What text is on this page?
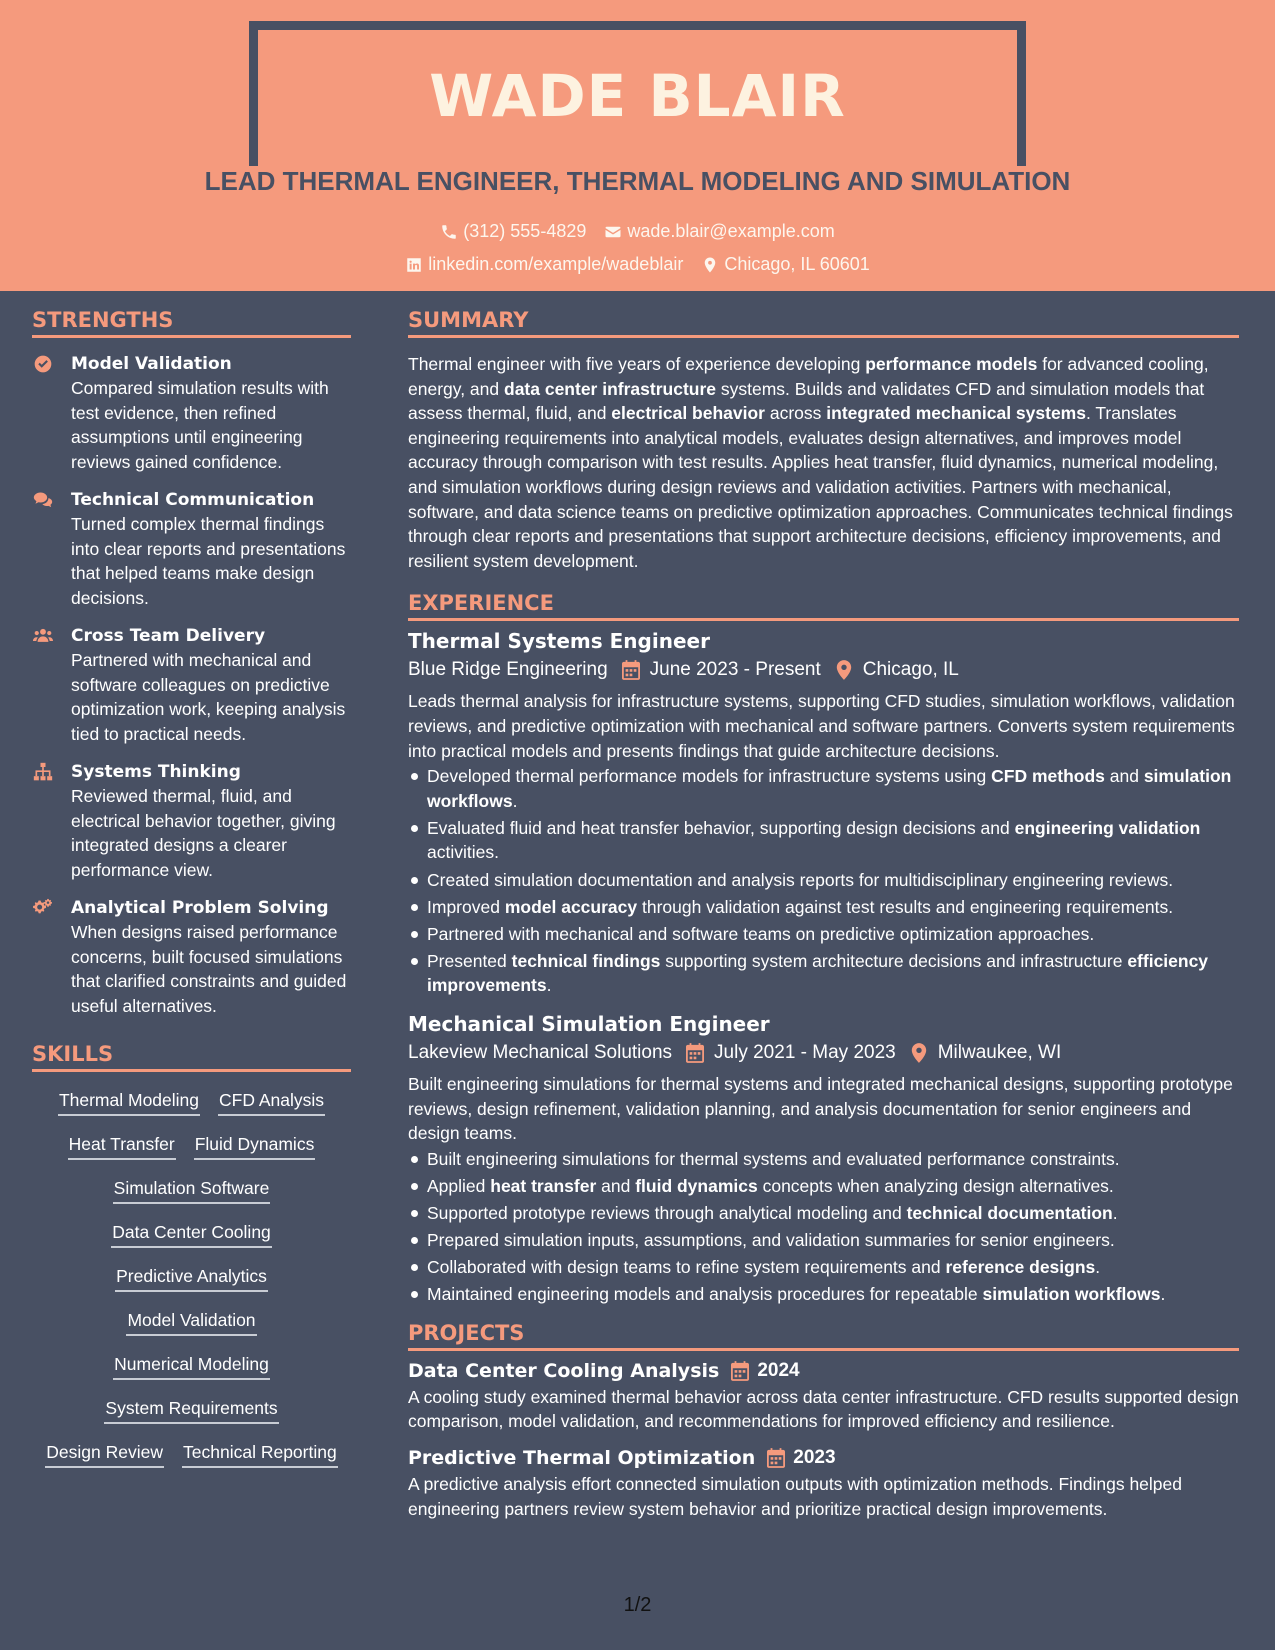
WADE BLAIR
LEAD THERMAL ENGINEER, THERMAL MODELING AND SIMULATION
(312) 555-4829 wade.blair@example.com
linkedin.com/example/wadeblair Chicago, IL 60601
STRENGTHS
Model Validation
Compared simulation results with test evidence, then refined assumptions until engineering reviews gained confidence.
Technical Communication
Turned complex thermal findings into clear reports and presentations that helped teams make design decisions.
Cross Team Delivery
Partnered with mechanical and software colleagues on predictive optimization work, keeping analysis tied to practical needs.
Systems Thinking
Reviewed thermal, fluid, and electrical behavior together, giving integrated designs a clearer performance view.
Analytical Problem Solving
When designs raised performance concerns, built focused simulations that clarified constraints and guided useful alternatives.
SKILLS
Thermal Modeling CFD Analysis
Heat Transfer Fluid Dynamics
Simulation Software
Data Center Cooling
Predictive Analytics
Model Validation
Numerical Modeling
System Requirements
Design Review Technical Reporting
SUMMARY
Thermal engineer with five years of experience developing performance models for advanced cooling, energy, and data center infrastructure systems. Builds and validates CFD and simulation models that assess thermal, fluid, and electrical behavior across integrated mechanical systems. Translates engineering requirements into analytical models, evaluates design alternatives, and improves model accuracy through comparison with test results. Applies heat transfer, fluid dynamics, numerical modeling, and simulation workflows during design reviews and validation activities. Partners with mechanical, software, and data science teams on predictive optimization approaches. Communicates technical findings through clear reports and presentations that support architecture decisions, efficiency improvements, and resilient system development.
EXPERIENCE
Thermal Systems Engineer
Blue Ridge Engineering June 2023 - Present Chicago, IL
Leads thermal analysis for infrastructure systems, supporting CFD studies, simulation workflows, validation reviews, and predictive optimization with mechanical and software partners. Converts system requirements into practical models and presents findings that guide architecture decisions.
Developed thermal performance models for infrastructure systems using CFD methods and simulation workflows.
Evaluated fluid and heat transfer behavior, supporting design decisions and engineering validation activities.
Created simulation documentation and analysis reports for multidisciplinary engineering reviews.
Improved model accuracy through validation against test results and engineering requirements.
Partnered with mechanical and software teams on predictive optimization approaches.
Presented technical findings supporting system architecture decisions and infrastructure efficiency improvements.
Mechanical Simulation Engineer
Lakeview Mechanical Solutions July 2021 - May 2023 Milwaukee, WI
Built engineering simulations for thermal systems and integrated mechanical designs, supporting prototype reviews, design refinement, validation planning, and analysis documentation for senior engineers and design teams.
Built engineering simulations for thermal systems and evaluated performance constraints.
Applied heat transfer and fluid dynamics concepts when analyzing design alternatives.
Supported prototype reviews through analytical modeling and technical documentation.
Prepared simulation inputs, assumptions, and validation summaries for senior engineers.
Collaborated with design teams to refine system requirements and reference designs.
Maintained engineering models and analysis procedures for repeatable simulation workflows.
PROJECTS
Data Center Cooling Analysis 2024
A cooling study examined thermal behavior across data center infrastructure. CFD results supported design comparison, model validation, and recommendations for improved efficiency and resilience.
Predictive Thermal Optimization 2023
A predictive analysis effort connected simulation outputs with optimization methods. Findings helped engineering partners review system behavior and prioritize practical design improvements.
1/2
